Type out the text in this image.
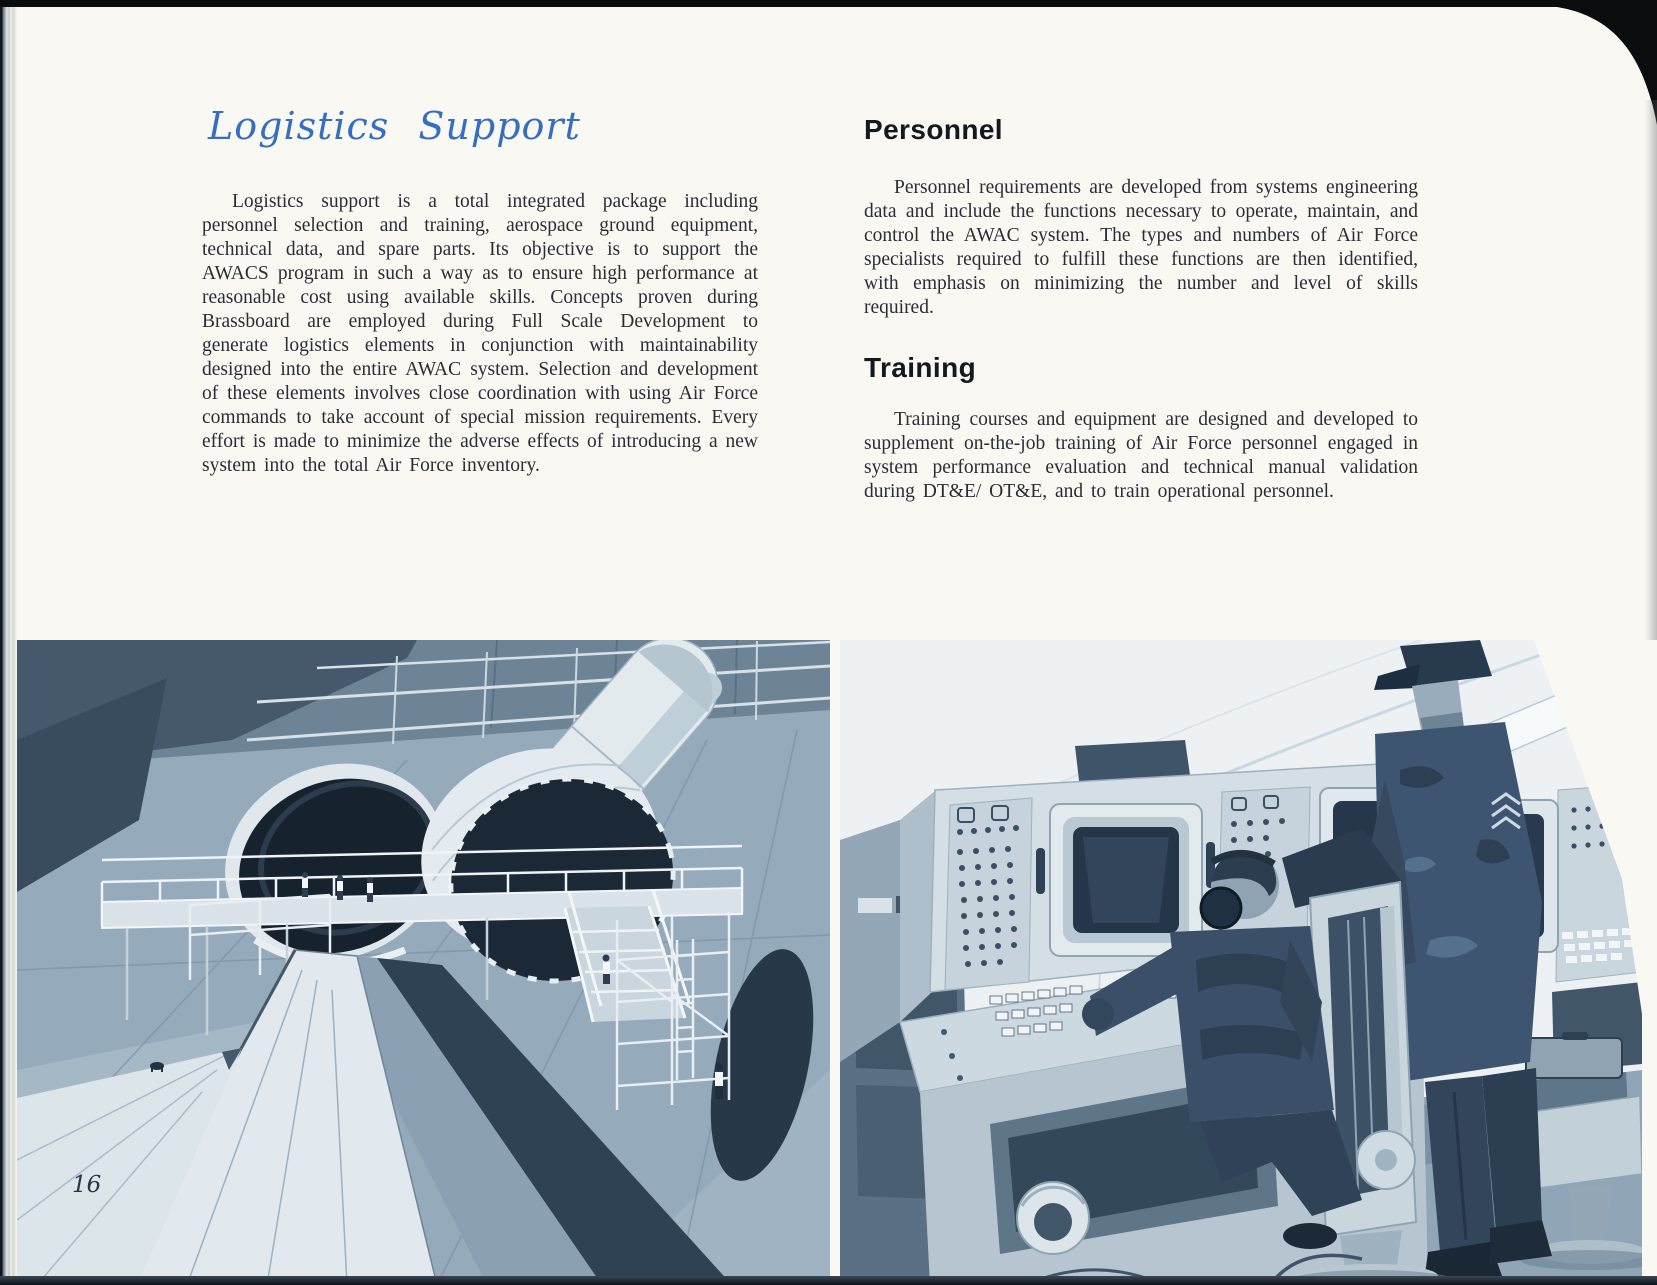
Logistics Support

Logistics support is a total integrated package including personnel selection and training, aerospace ground equipment, technical data, and spare parts. Its objective is to support the AWACS program in such a way as to ensure high performance at reasonable cost using available skills. Concepts proven during Brassboard are employed during Full Scale Development to generate logistics elements in conjunction with maintainability designed into the entire AWAC system. Selection and development of these elements involves close coordination with using Air Force commands to take account of special mission requirements. Every effort is made to minimize the adverse effects of introducing a new system into the total Air Force inventory.

Personnel

Personnel requirements are developed from systems engineering data and include the functions necessary to operate, maintain, and control the AWAC system. The types and numbers of Air Force specialists required to fulfill these functions are then identified, with emphasis on minimizing the number and level of skills required.

Training

Training courses and equipment are designed and developed to supplement on-the-job training of Air Force personnel engaged in system performance evaluation and technical manual validation during DT&E/ OT&E, and to train operational personnel.

16
